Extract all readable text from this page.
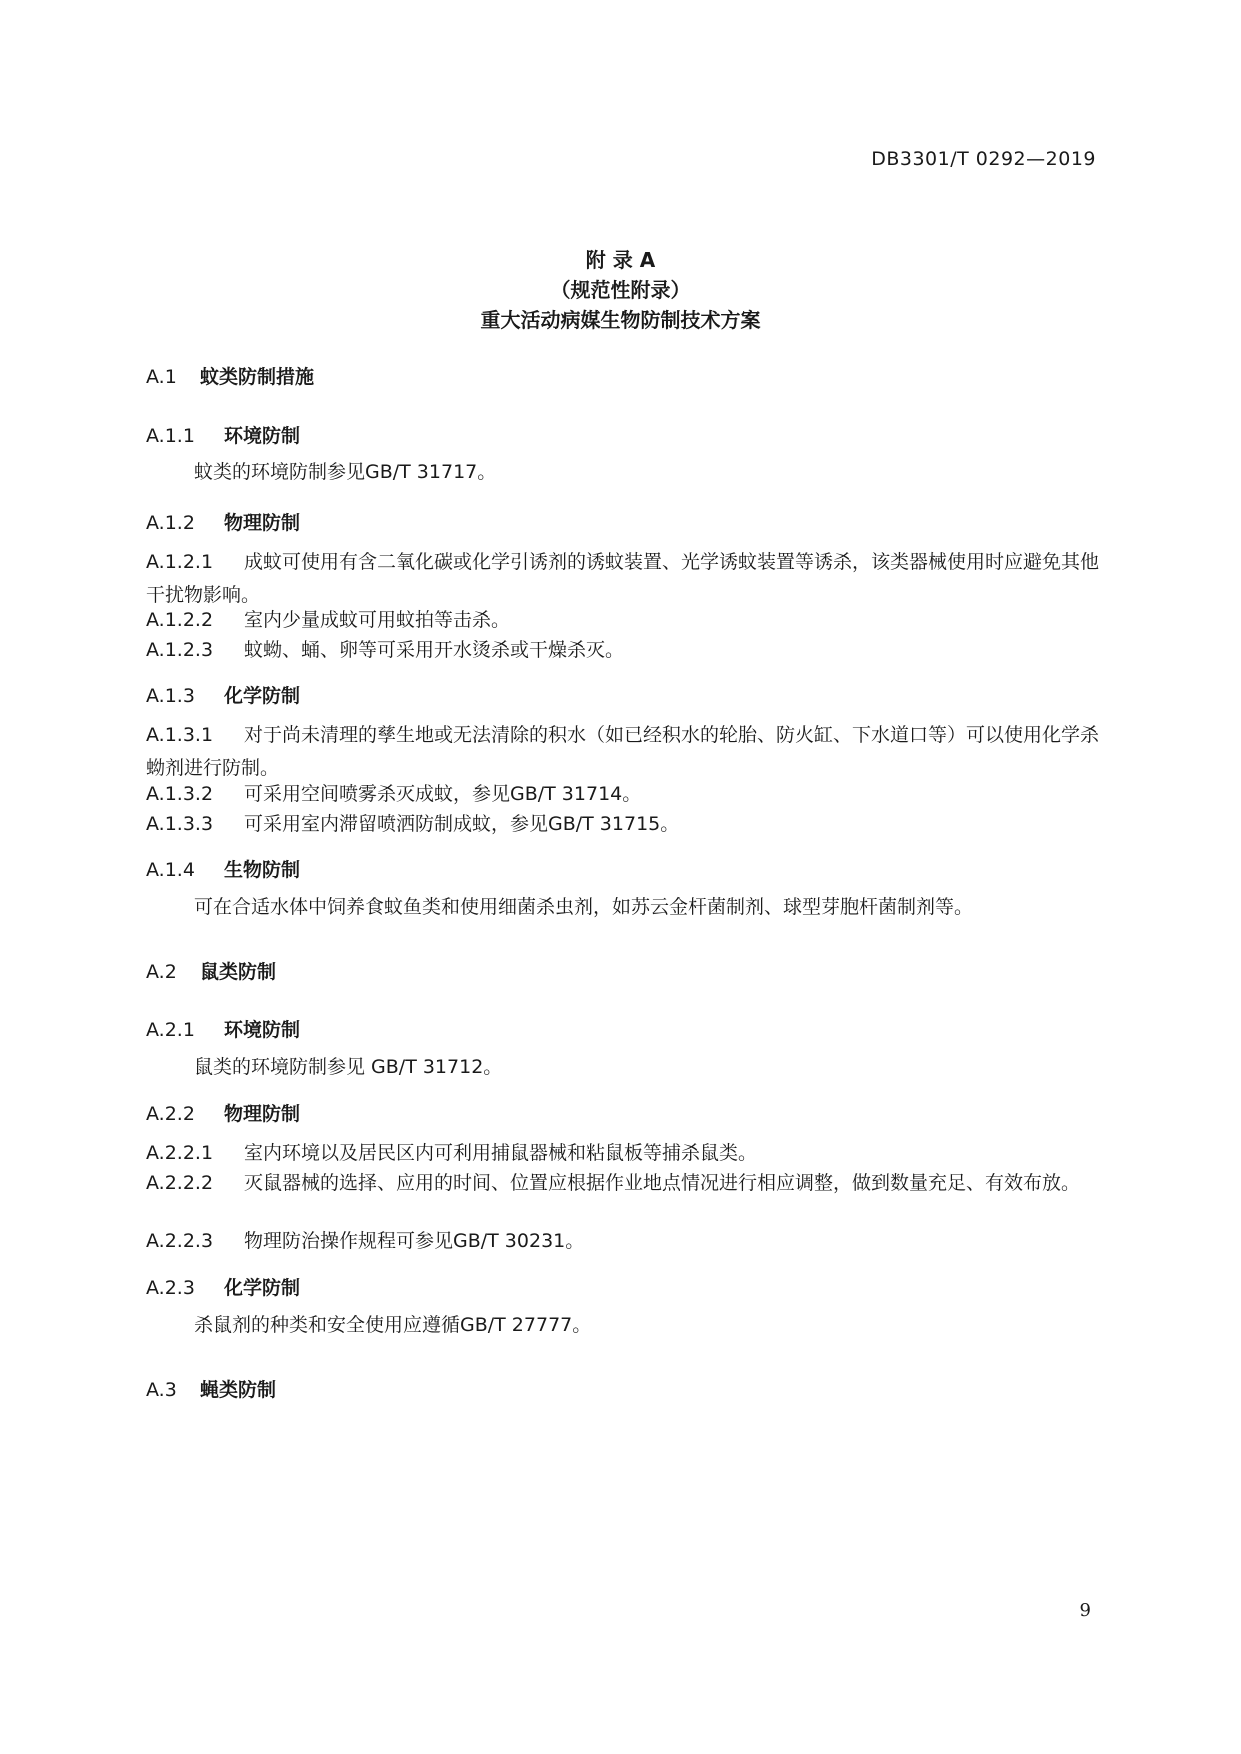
DB3301/T 0292—2019
附 录 A
（规范性附录）
重大活动病媒生物防制技术方案
A.1 蚊类防制措施
A.1.1 环境防制
蚊类的环境防制参见GB/T 31717。
A.1.2 物理防制
A.1.2.1 成蚊可使用有含二氧化碳或化学引诱剂的诱蚊装置、光学诱蚊装置等诱杀，该类器械使用时应避免其他干扰物影响。
A.1.2.2 室内少量成蚊可用蚊拍等击杀。
A.1.2.3 蚊蚴、蛹、卵等可采用开水烫杀或干燥杀灭。
A.1.3 化学防制
A.1.3.1 对于尚未清理的孳生地或无法清除的积水（如已经积水的轮胎、防火缸、下水道口等）可以使用化学杀蚴剂进行防制。
A.1.3.2 可采用空间喷雾杀灭成蚊，参见GB/T 31714。
A.1.3.3 可采用室内滞留喷洒防制成蚊，参见GB/T 31715。
A.1.4 生物防制
可在合适水体中饲养食蚊鱼类和使用细菌杀虫剂，如苏云金杆菌制剂、球型芽胞杆菌制剂等。
A.2 鼠类防制
A.2.1 环境防制
鼠类的环境防制参见 GB/T 31712。
A.2.2 物理防制
A.2.2.1 室内环境以及居民区内可利用捕鼠器械和粘鼠板等捕杀鼠类。
A.2.2.2 灭鼠器械的选择、应用的时间、位置应根据作业地点情况进行相应调整，做到数量充足、有效布放。
A.2.2.3 物理防治操作规程可参见GB/T 30231。
A.2.3 化学防制
杀鼠剂的种类和安全使用应遵循GB/T 27777。
A.3 蝇类防制
9
